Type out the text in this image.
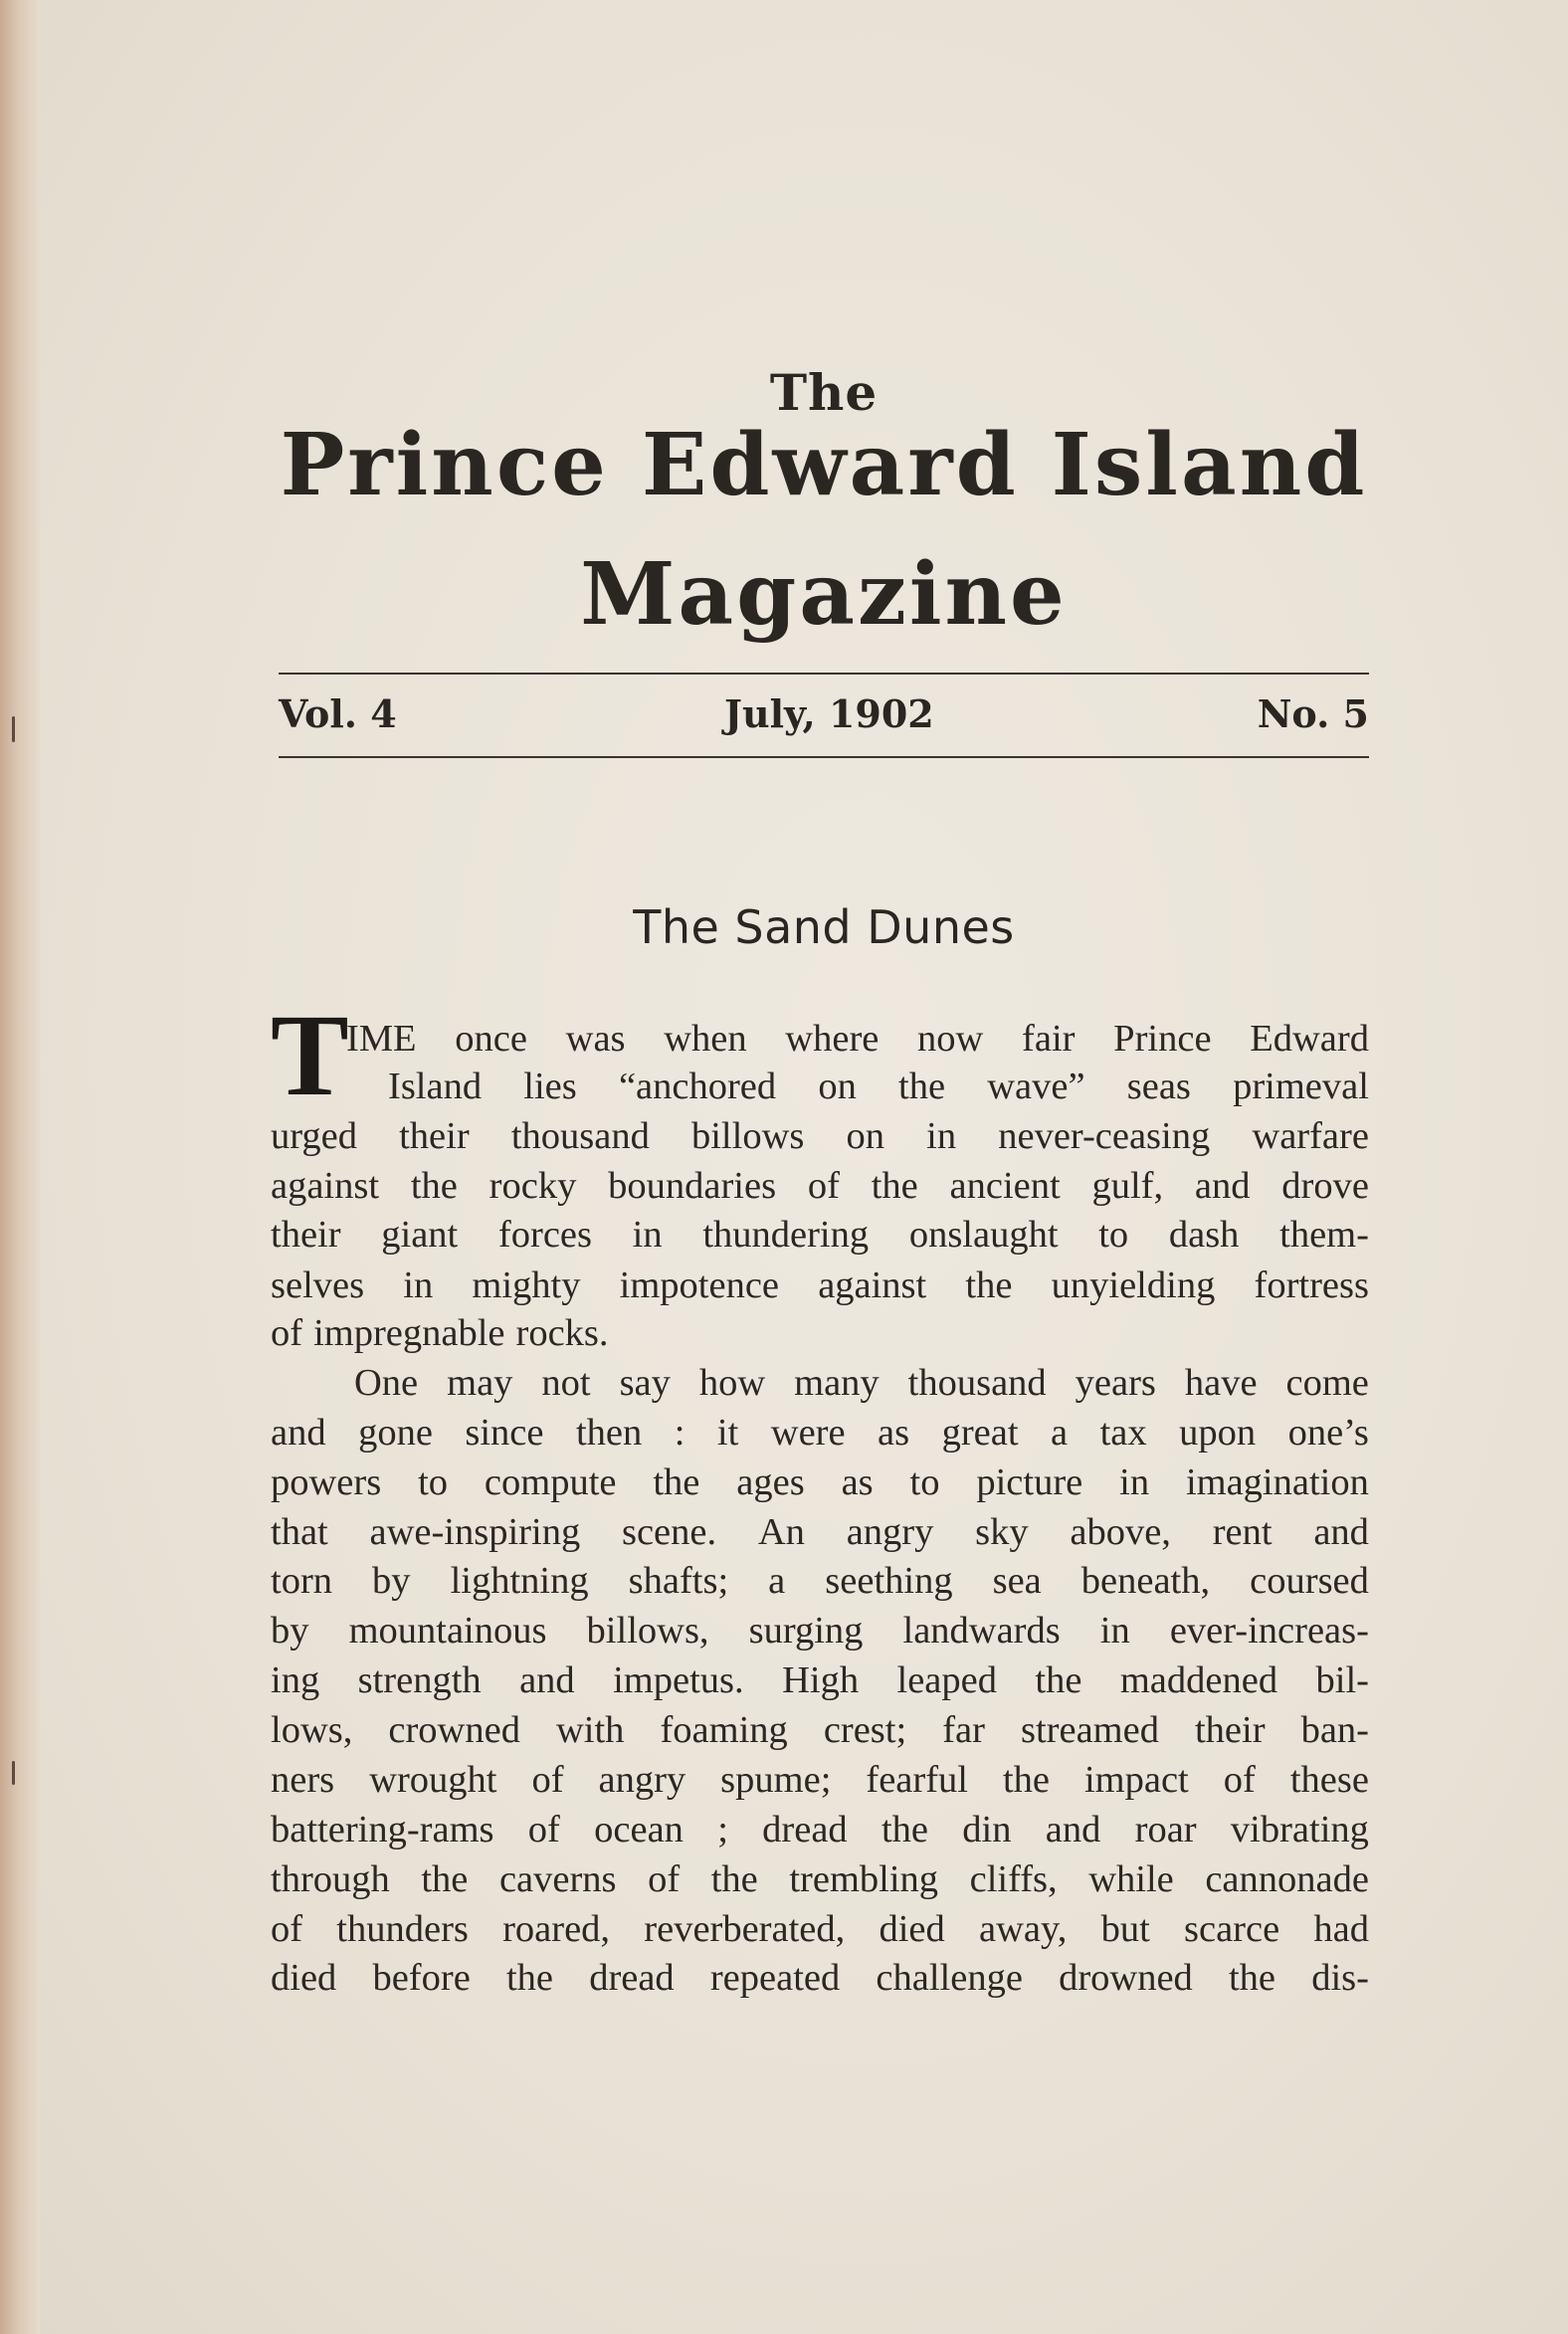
The
Prince Edward Island
Magazine
Vol. 4	July, 1902	No. 5
The Sand Dunes
T
IME once was when where now fair Prince Edward
Island lies “anchored on the wave” seas primeval
urged their thousand billows on in never-ceasing warfare
against the rocky boundaries of the ancient gulf, and drove
their giant forces in thundering onslaught to dash them-
selves in mighty impotence against the unyielding fortress
of impregnable rocks.
One may not say how many thousand years have come
and gone since then : it were as great a tax upon one’s
powers to compute the ages as to picture in imagination
that awe-inspiring scene. An angry sky above, rent and
torn by lightning shafts; a seething sea beneath, coursed
by mountainous billows, surging landwards in ever-increas-
ing strength and impetus. High leaped the maddened bil-
lows, crowned with foaming crest; far streamed their ban-
ners wrought of angry spume; fearful the impact of these
battering-rams of ocean ; dread the din and roar vibrating
through the caverns of the trembling cliffs, while cannonade
of thunders roared, reverberated, died away, but scarce had
died before the dread repeated challenge drowned the dis-
